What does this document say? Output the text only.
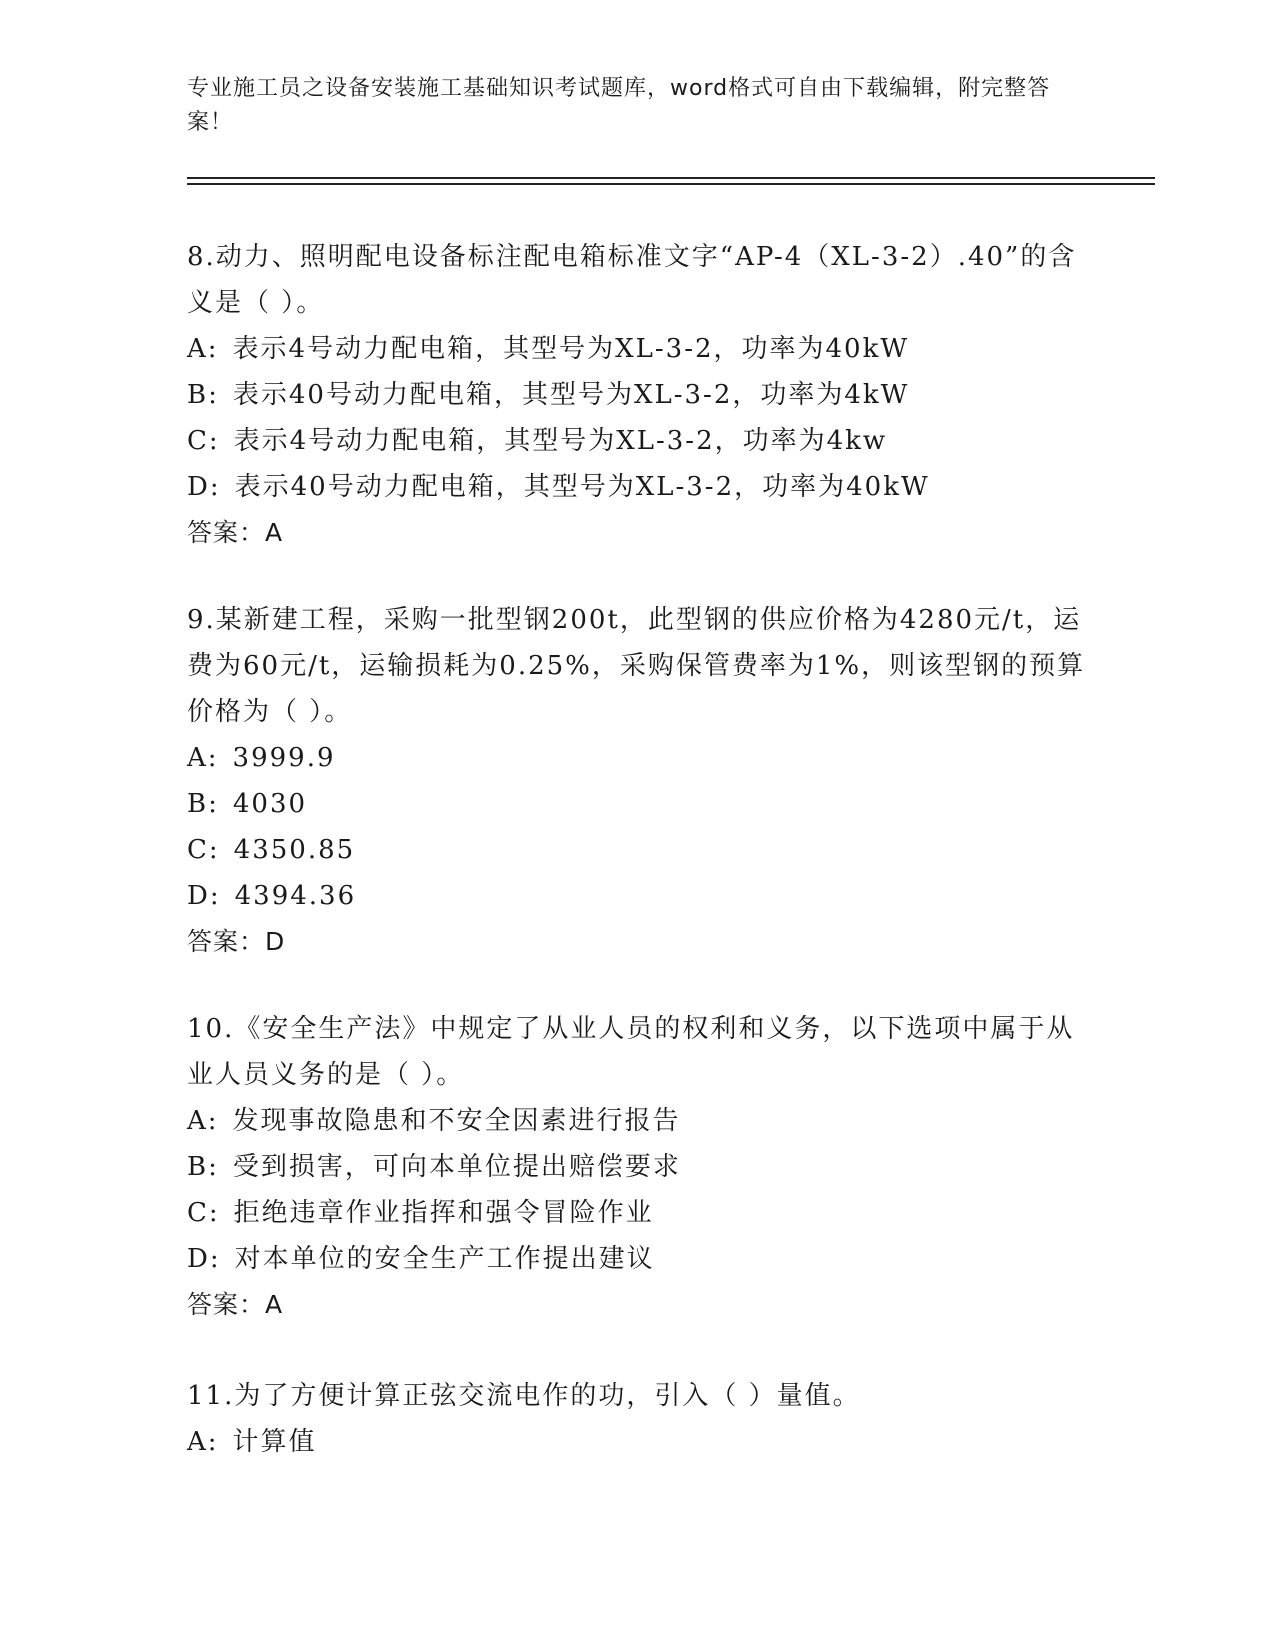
专业施工员之设备安装施工基础知识考试题库，word格式可自由下载编辑，附完整答案！

8.动力、照明配电设备标注配电箱标准文字“AP-4（XL-3-2）.40”的含义是（ ）。

A: 表示4号动力配电箱，其型号为XL-3-2，功率为40kW

B: 表示40号动力配电箱，其型号为XL-3-2，功率为4kW

C: 表示4号动力配电箱，其型号为XL-3-2，功率为4kw

D: 表示40号动力配电箱，其型号为XL-3-2，功率为40kW

答案：A

9.某新建工程，采购一批型钢200t，此型钢的供应价格为4280元/t，运费为60元/t，运输损耗为0.25%，采购保管费率为1%，则该型钢的预算价格为（ ）。

A: 3999.9

B: 4030

C: 4350.85

D: 4394.36

答案：D

10.《安全生产法》中规定了从业人员的权利和义务，以下选项中属于从业人员义务的是（ ）。

A: 发现事故隐患和不安全因素进行报告

B: 受到损害，可向本单位提出赔偿要求

C: 拒绝违章作业指挥和强令冒险作业

D: 对本单位的安全生产工作提出建议

答案：A

11.为了方便计算正弦交流电作的功，引入（ ）量值。

A: 计算值
